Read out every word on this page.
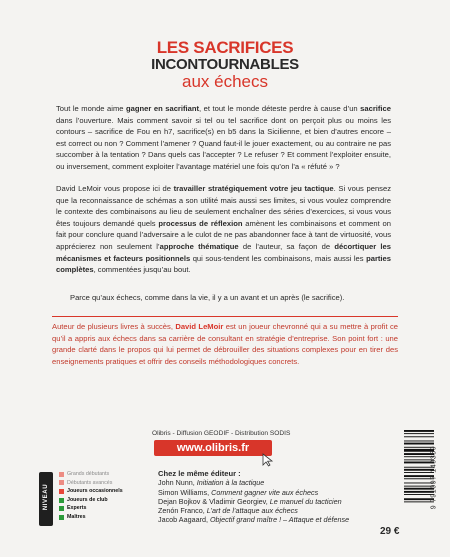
LES SACRIFICES
INCONTOURNABLES
aux échecs

Tout le monde aime gagner en sacrifiant, et tout le monde déteste perdre à cause d’un sacrifice dans l’ouverture. Mais comment savoir si tel ou tel sacrifice dont on perçoit plus ou moins les contours – sacrifice de Fou en h7, sacrifice(s) en b5 dans la Sicilienne, et bien d’autres encore – est correct ou non ? Comment l’amener ? Quand faut-il le jouer exactement, ou au contraire ne pas succomber à la tentation ? Dans quels cas l’accepter ? Le refuser ? Et comment l’exploiter ensuite, ou inversement, comment exploiter l’avantage matériel une fois qu’on l’a « réfuté » ?

David LeMoir vous propose ici de travailler stratégiquement votre jeu tactique. Si vous pensez que la reconnaissance de schémas a son utilité mais aussi ses limites, si vous voulez comprendre le contexte des combinaisons au lieu de seulement enchaîner des séries d’exercices, si vous vous êtes toujours demandé quels processus de réflexion amènent les combinaisons et comment on fait pour conclure quand l’adversaire a le culot de ne pas abandonner face à tant de virtuosité, vous apprécierez non seulement l’approche thématique de l’auteur, sa façon de décortiquer les mécanismes et facteurs positionnels qui sous-tendent les combinaisons, mais aussi les parties complètes, commentées jusqu’au bout.

Parce qu’aux échecs, comme dans la vie, il y a un avant et un après (le sacrifice).

Auteur de plusieurs livres à succès, David LeMoir est un joueur chevronné qui a su mettre à profit ce qu’il a appris aux échecs dans sa carrière de consultant en stratégie d’entreprise. Son point fort : une grande clarté dans le propos qui lui permet de débrouiller des situations complexes pour en tirer des enseignements pratiques et offrir des conseils méthodologiques concrets.
Olibris - Diffusion GEODIF - Distribution SODIS
www.olibris.fr
Chez le même éditeur :
John Nunn, Initiation à la tactique
Simon Williams, Comment gagner vite aux échecs
Dejan Bojkov & Vladimir Georgiev, Le manuel du tacticien
Zenón Franco, L’art de l’attaque aux échecs
Jacob Aagaard, Objectif grand maître ! – Attaque et défense
NIVEAU
Grands débutants
Débutants avancés
Joueurs occasionnels
Joueurs de club
Experts
Maîtres
9 791097 140359
29 €
